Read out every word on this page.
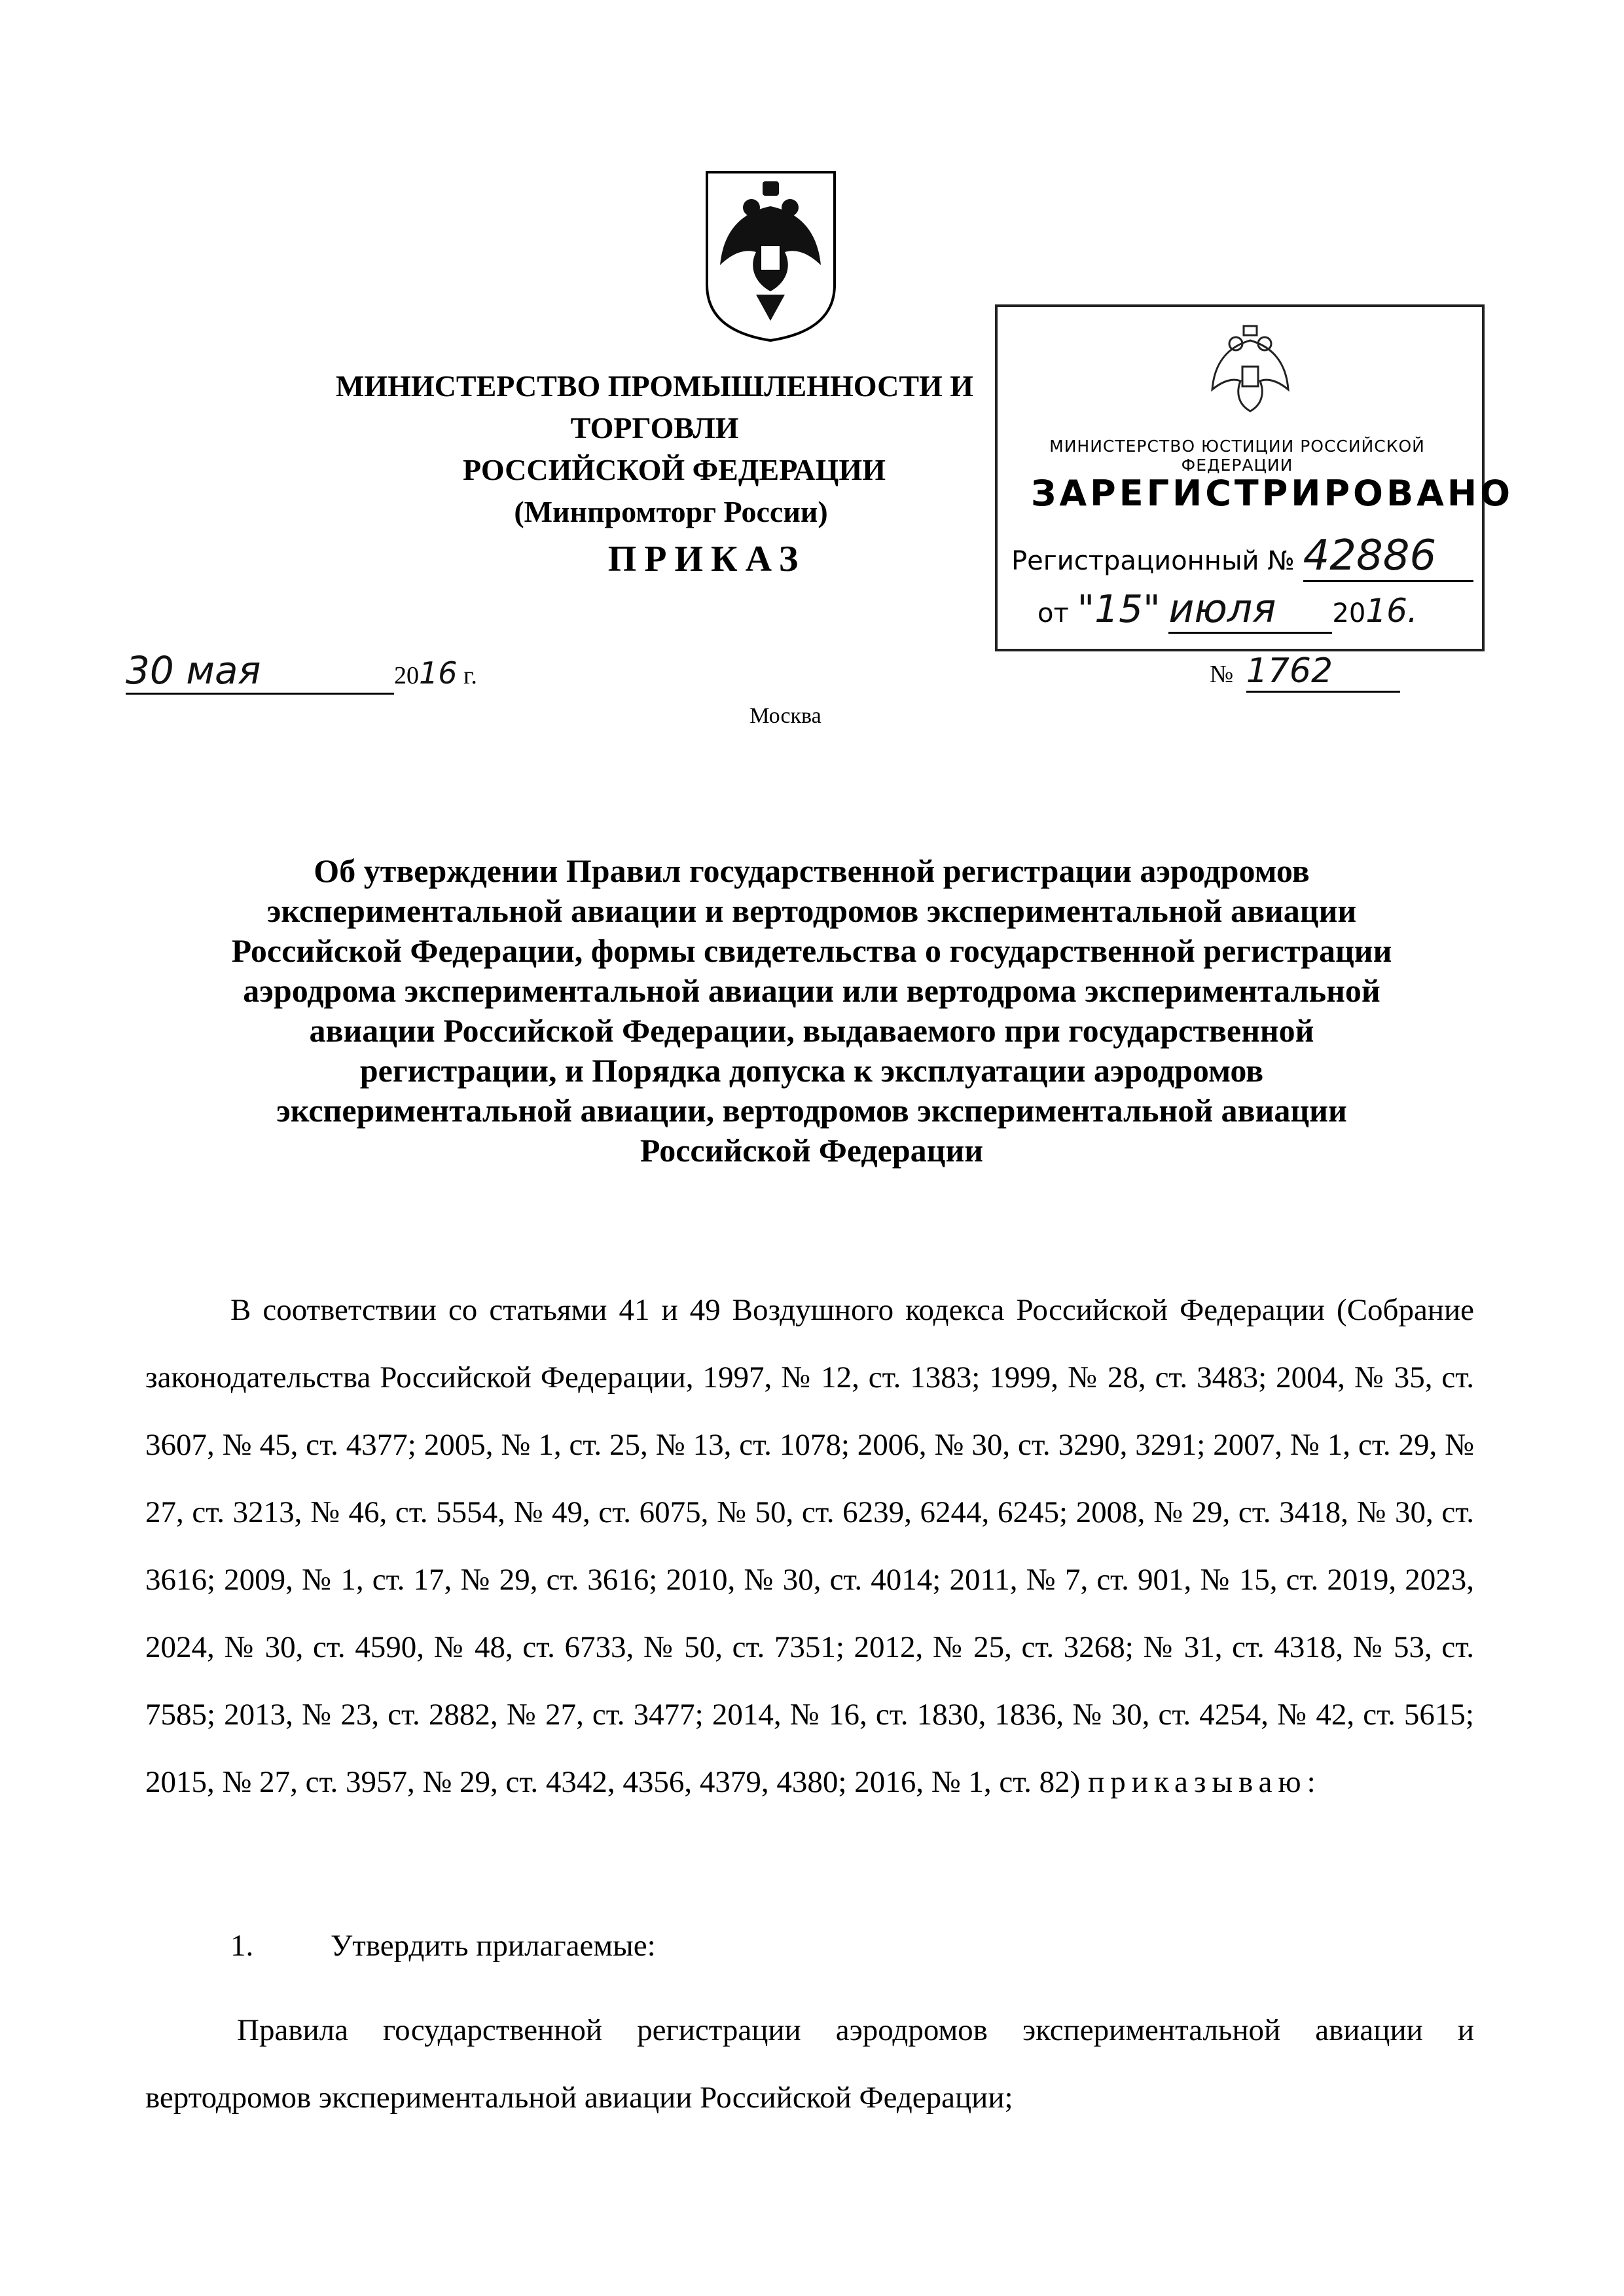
МИНИСТЕРСТВО ПРОМЫШЛЕННОСТИ И ТОРГОВЛИ
РОССИЙСКОЙ ФЕДЕРАЦИИ
(Минпромторг России)
ПРИКАЗ
30 мая	2016 г.	№ 1762
Москва
МИНИСТЕРСТВО ЮСТИЦИИ РОССИЙСКОЙ ФЕДЕРАЦИИ
ЗАРЕГИСТРИРОВАНО
Регистрационный № 42886
от "15" июля 2016.
Об утверждении Правил государственной регистрации аэродромов
экспериментальной авиации и вертодромов экспериментальной авиации
Российской Федерации, формы свидетельства о государственной регистрации
аэродрома экспериментальной авиации или вертодрома экспериментальной
авиации Российской Федерации, выдаваемого при государственной
регистрации, и Порядка допуска к эксплуатации аэродромов
экспериментальной авиации, вертодромов экспериментальной авиации
Российской Федерации
В соответствии со статьями 41 и 49 Воздушного кодекса Российской Федерации (Собрание законодательства Российской Федерации, 1997, № 12, ст. 1383; 1999, № 28, ст. 3483; 2004, № 35, ст. 3607, № 45, ст. 4377; 2005, № 1, ст. 25, № 13, ст. 1078; 2006, № 30, ст. 3290, 3291; 2007, № 1, ст. 29, № 27, ст. 3213, № 46, ст. 5554, № 49, ст. 6075, № 50, ст. 6239, 6244, 6245; 2008, № 29, ст. 3418, № 30, ст. 3616; 2009, № 1, ст. 17, № 29, ст. 3616; 2010, № 30, ст. 4014; 2011, № 7, ст. 901, № 15, ст. 2019, 2023, 2024, № 30, ст. 4590, № 48, ст. 6733, № 50, ст. 7351; 2012, № 25, ст. 3268; № 31, ст. 4318, № 53, ст. 7585; 2013, № 23, ст. 2882, № 27, ст. 3477; 2014, № 16, ст. 1830, 1836, № 30, ст. 4254, № 42, ст. 5615; 2015, № 27, ст. 3957, № 29, ст. 4342, 4356, 4379, 4380; 2016, № 1, ст. 82) приказываю:
1.	Утвердить прилагаемые:
Правила государственной регистрации аэродромов экспериментальной авиации и вертодромов экспериментальной авиации Российской Федерации;
